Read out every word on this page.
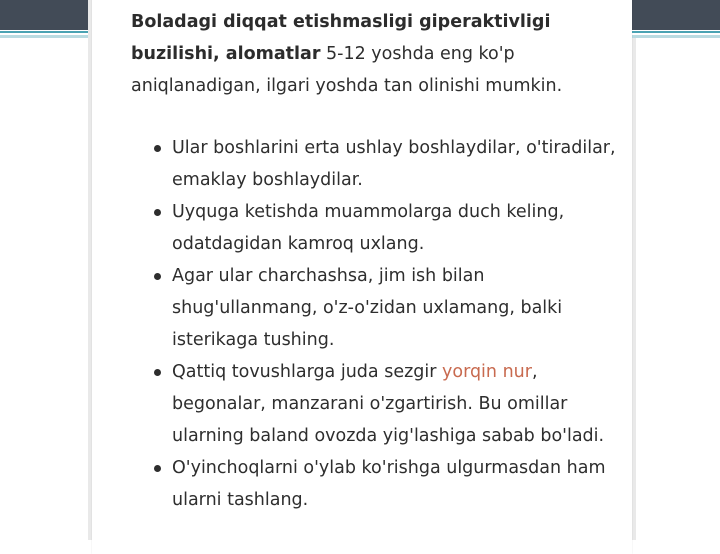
Boladagi diqqat etishmasligi giperaktivligi buzilishi, alomatlar 5-12 yoshda eng ko'p aniqlanadigan, ilgari yoshda tan olinishi mumkin.

Ular boshlarini erta ushlay boshlaydilar, o'tiradilar, emaklay boshlaydilar.
Uyquga ketishda muammolarga duch keling, odatdagidan kamroq uxlang.
Agar ular charchashsa, jim ish bilan shug'ullanmang, o'z-o'zidan uxlamang, balki isterikaga tushing.
Qattiq tovushlarga juda sezgir yorqin nur, begonalar, manzarani o'zgartirish. Bu omillar ularning baland ovozda yig'lashiga sabab bo'ladi.
O'yinchoqlarni o'ylab ko'rishga ulgurmasdan ham ularni tashlang.
